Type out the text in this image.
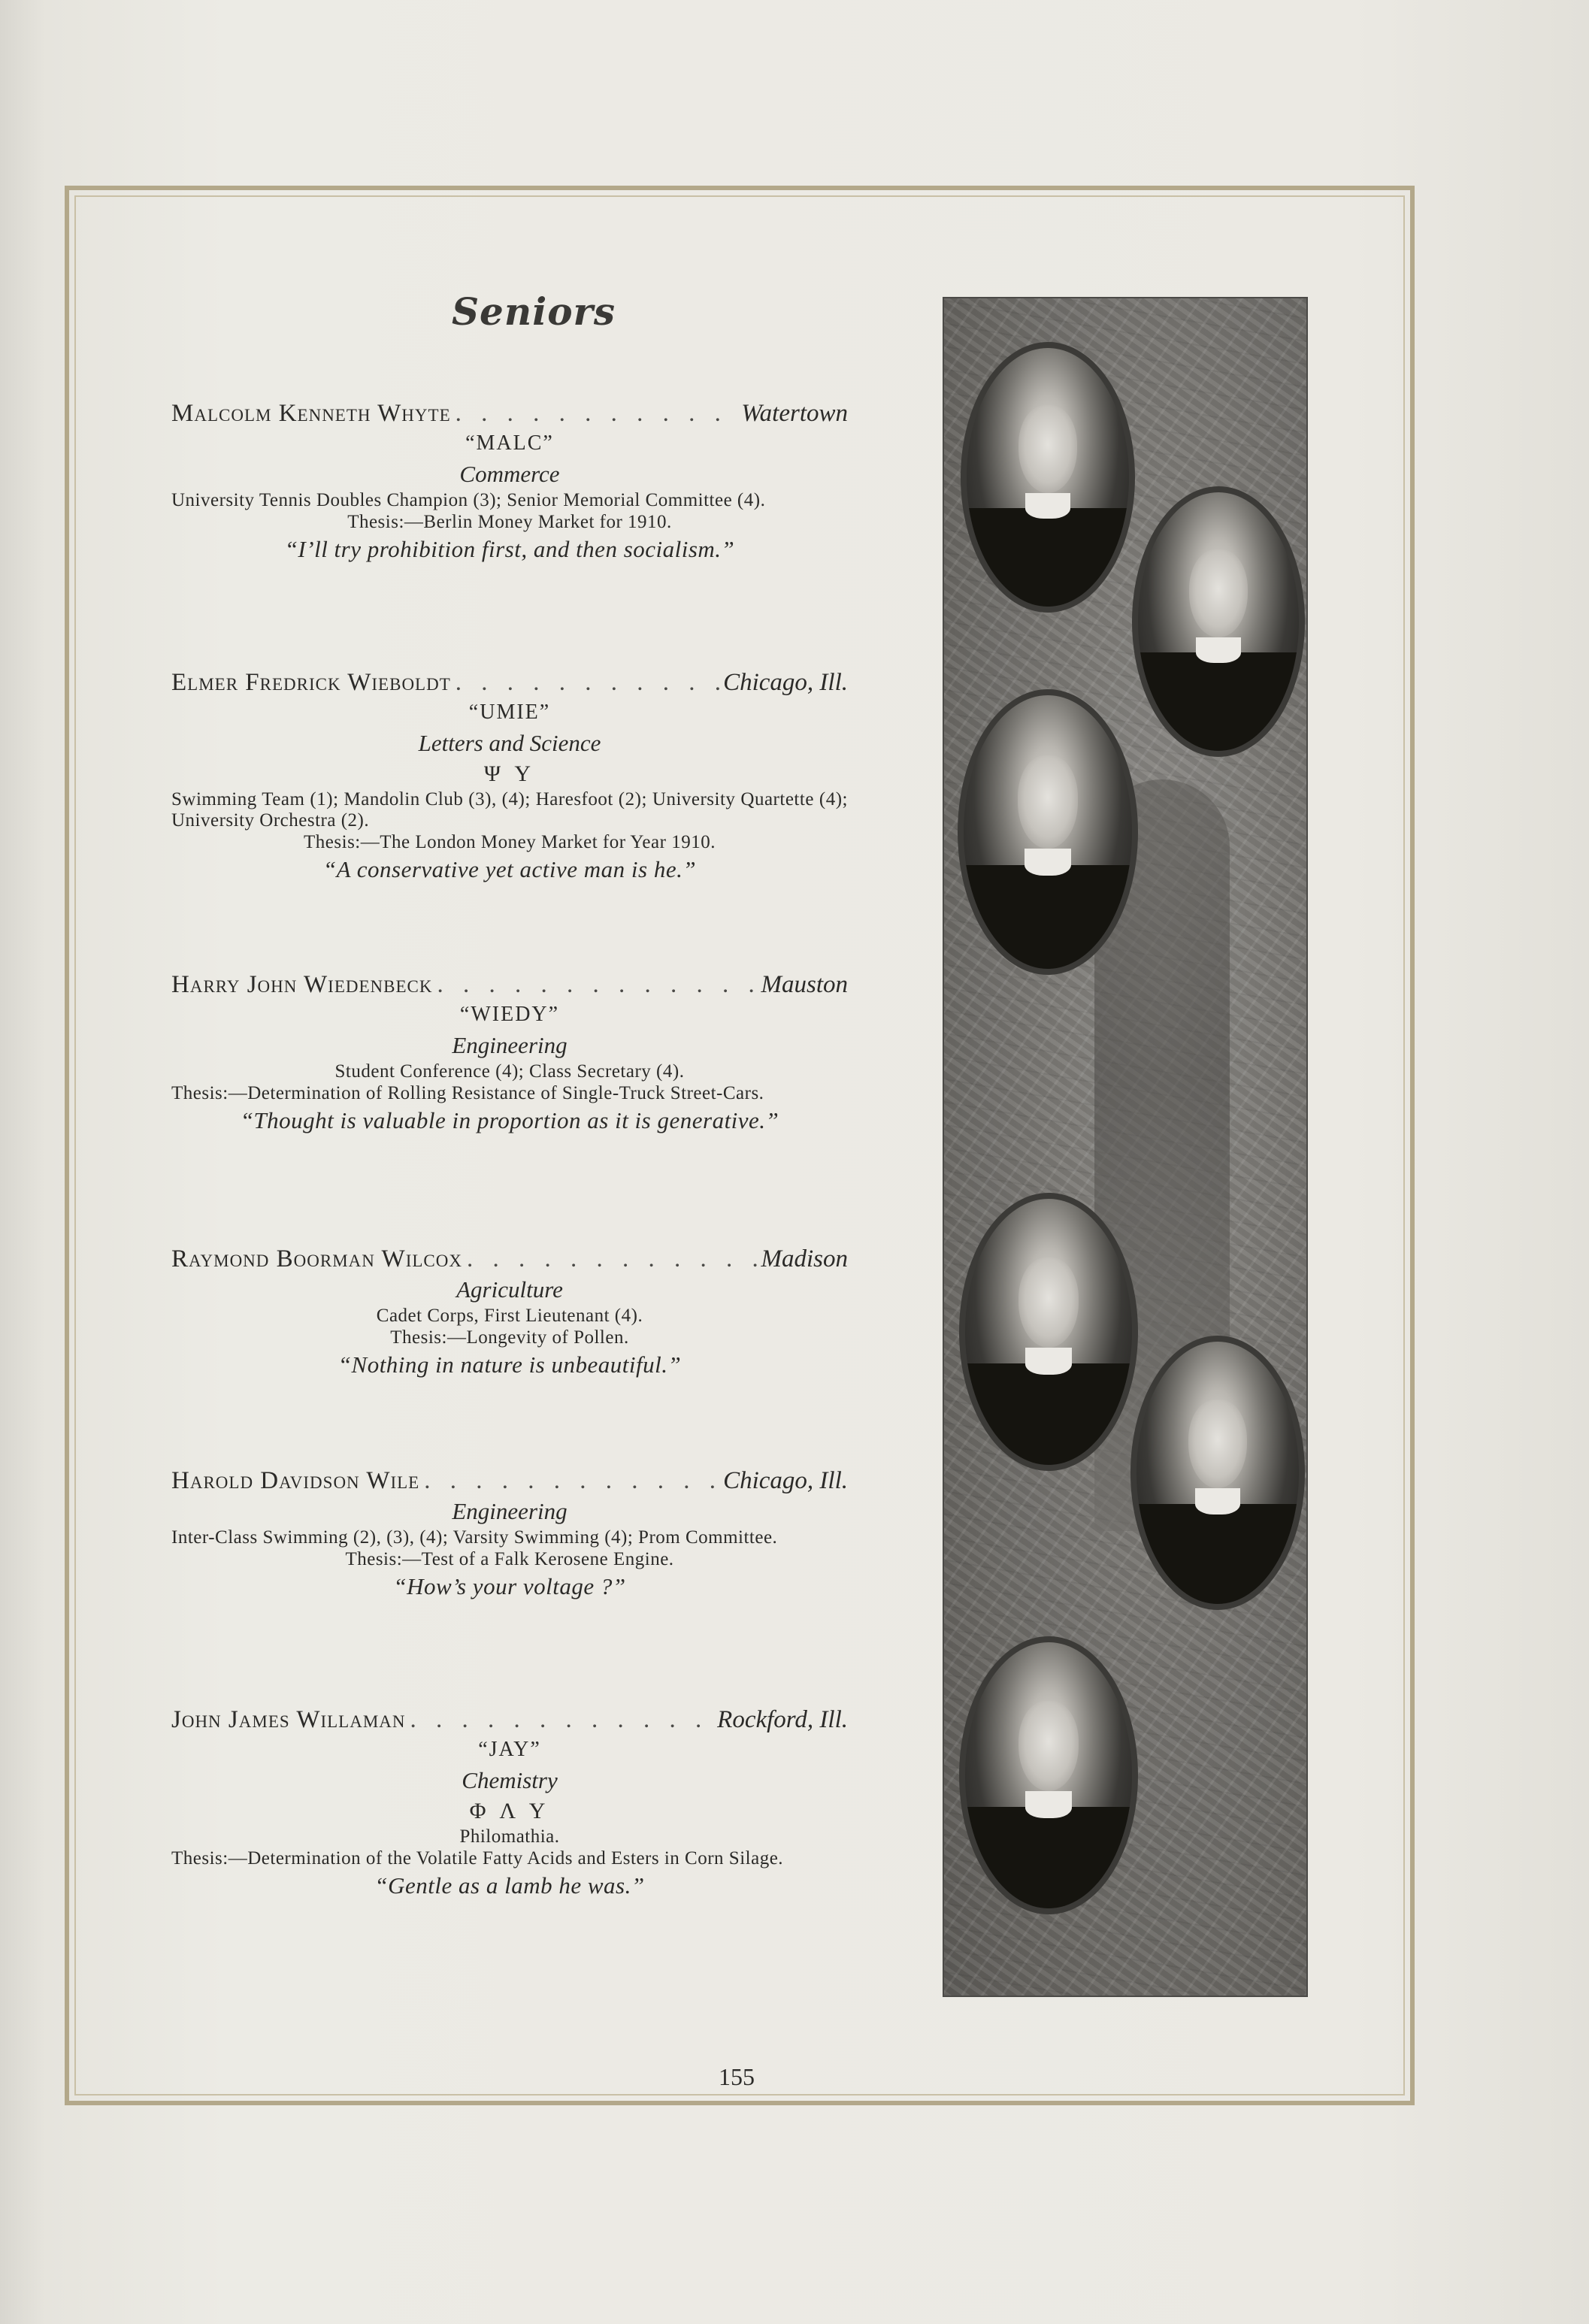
Seniors
Malcolm Kenneth Whyte . . .	Watertown
“MALC”
Commerce
University Tennis Doubles Champion (3); Senior Memorial Committee (4).
Thesis:—Berlin Money Market for 1910.
“I’ll try prohibition first, and then socialism.”
Elmer Fredrick Wieboldt . . .	Chicago, Ill.
“UMIE”
Letters and Science
Ψ Υ
Swimming Team (1); Mandolin Club (3), (4); Haresfoot (2); University Quartette (4); University Orchestra (2).
Thesis:—The London Money Market for Year 1910.
“A conservative yet active man is he.”
Harry John Wiedenbeck . . .	Mauston
“WIEDY”
Engineering
Student Conference (4); Class Secretary (4).
Thesis:—Determination of Rolling Resistance of Single-Truck Street-Cars.
“Thought is valuable in proportion as it is generative.”
Raymond Boorman Wilcox . . .	Madison
Agriculture
Cadet Corps, First Lieutenant (4).
Thesis:—Longevity of Pollen.
“Nothing in nature is unbeautiful.”
Harold Davidson Wile . . .	Chicago, Ill.
Engineering
Inter-Class Swimming (2), (3), (4); Varsity Swimming (4); Prom Committee.
Thesis:—Test of a Falk Kerosene Engine.
“How’s your voltage ?”
John James Willaman . . .	Rockford, Ill.
“JAY”
Chemistry
Φ Λ Υ
Philomathia.
Thesis:—Determination of the Volatile Fatty Acids and Esters in Corn Silage.
“Gentle as a lamb he was.”
155
